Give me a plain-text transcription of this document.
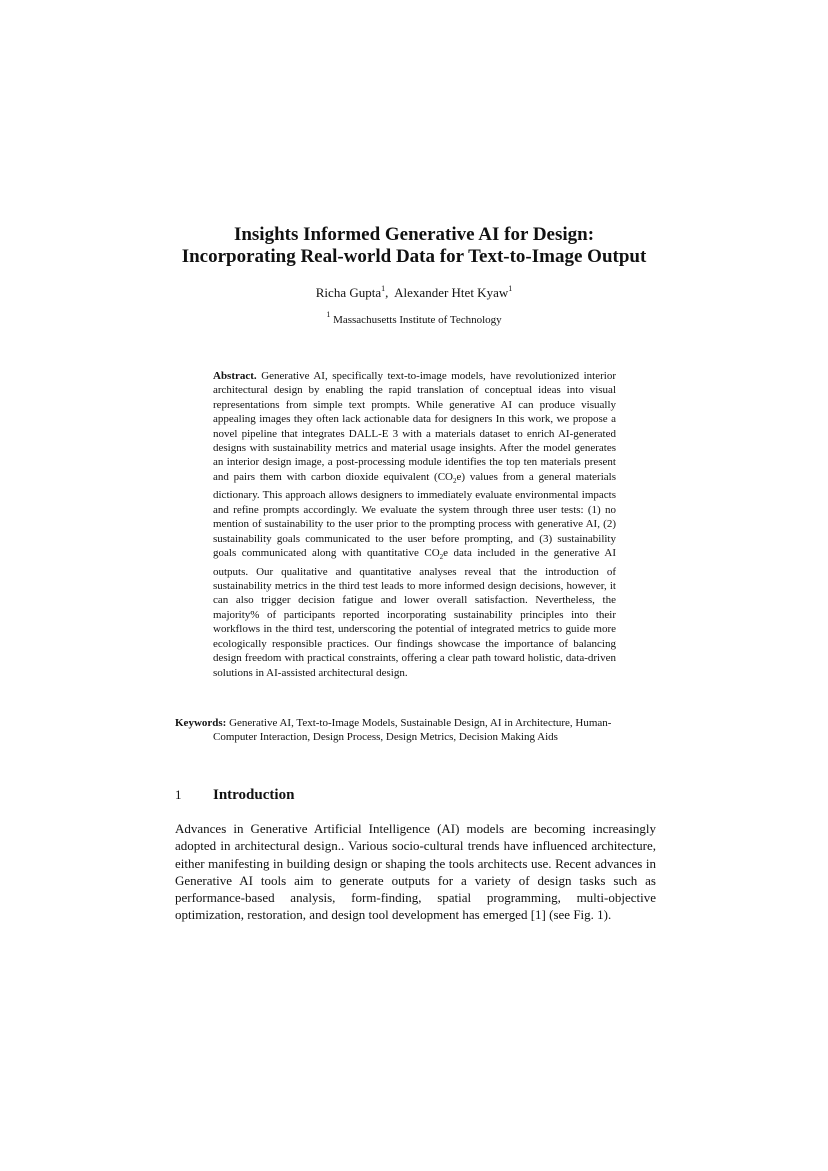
Insights Informed Generative AI for Design:
Incorporating Real-world Data for Text-to-Image Output
Richa Gupta$^1$,  Alexander Htet Kyaw$^1$
$^1$ Massachusetts Institute of Technology

Abstract. Generative AI, specifically text-to-image models, have revolutionized interior architectural design by enabling the rapid translation of conceptual ideas into visual representations from simple text prompts. While generative AI can produce visually appealing images they often lack actionable data for designers In this work, we propose a novel pipeline that integrates DALL-E 3 with a materials dataset to enrich AI-generated designs with sustainability metrics and material usage insights. After the model generates an interior design image, a post-processing module identifies the top ten materials present and pairs them with carbon dioxide equivalent $(CO_2e)$ values from a general materials dictionary. This approach allows designers to immediately evaluate environmental impacts and refine prompts accordingly. We evaluate the system through three user tests: (1) no mention of sustainability to the user prior to the prompting process with generative AI, (2) sustainability goals communicated to the user before prompting, and (3) sustainability goals communicated along with quantitative $CO_2e$ data included in the generative AI outputs. Our qualitative and quantitative analyses reveal that the introduction of sustainability metrics in the third test leads to more informed design decisions, however, it can also trigger decision fatigue and lower overall satisfaction. Nevertheless, the majority% of participants reported incorporating sustainability principles into their workflows in the third test, underscoring the potential of integrated metrics to guide more ecologically responsible practices. Our findings showcase the importance of balancing design freedom with practical constraints, offering a clear path toward holistic, data-driven solutions in AI-assisted architectural design.

Keywords: Generative AI, Text-to-Image Models, Sustainable Design, AI in Architecture, Human-Computer Interaction, Design Process, Design Metrics, Decision Making Aids

1 Introduction

Advances in Generative Artificial Intelligence (AI) models are becoming increasingly adopted in architectural design.. Various socio-cultural trends have influenced architecture, either manifesting in building design or shaping the tools architects use. Recent advances in Generative AI tools aim to generate outputs for a variety of design tasks such as performance-based analysis, form-finding, spatial programming, multi-objective optimization, restoration, and design tool development has emerged [1] (see Fig. 1).
